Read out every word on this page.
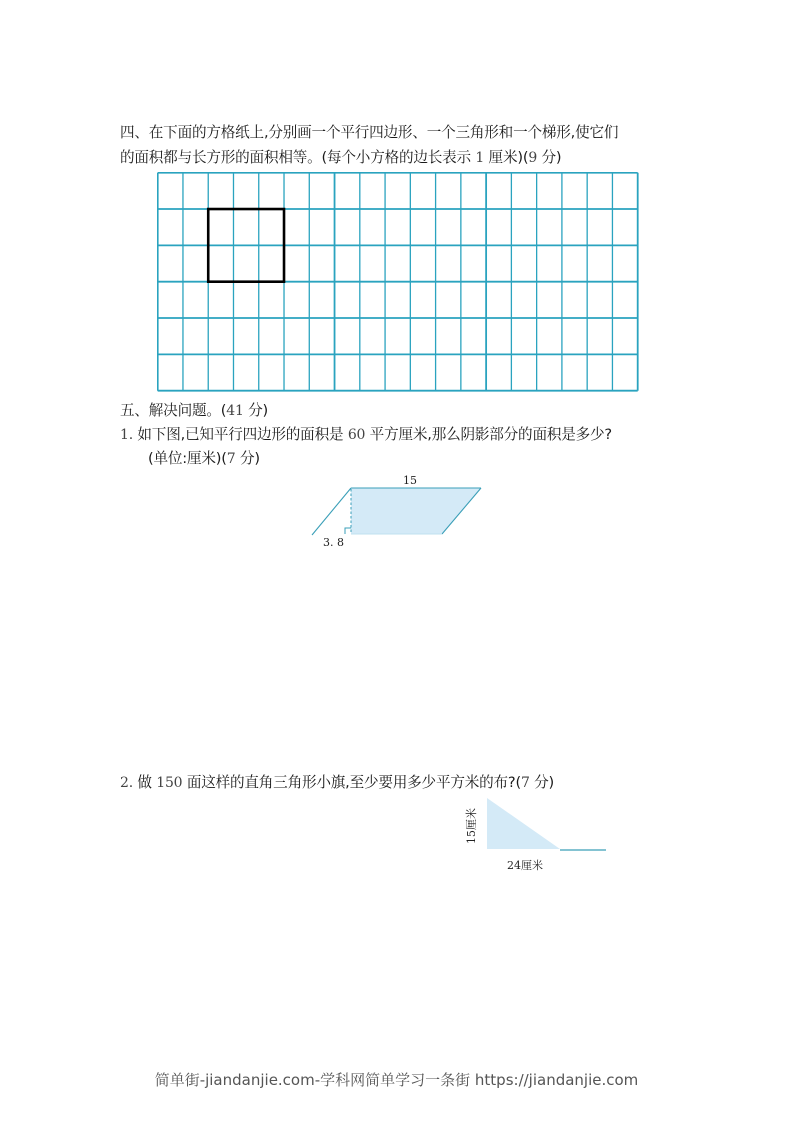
四、在下面的方格纸上,分别画一个平行四边形、一个三角形和一个梯形,使它们
的面积都与长方形的面积相等。(每个小方格的边长表示 1 厘米)(9 分)
五、解决问题。(41 分)
1. 如下图,已知平行四边形的面积是 60 平方厘米,那么阴影部分的面积是多少?
(单位:厘米)(7 分)
15
3. 8
2. 做 150 面这样的直角三角形小旗,至少要用多少平方米的布?(7 分)
15厘米
24厘米
简单街-jiandanjie.com-学科网简单学习一条街 https://jiandanjie.com
